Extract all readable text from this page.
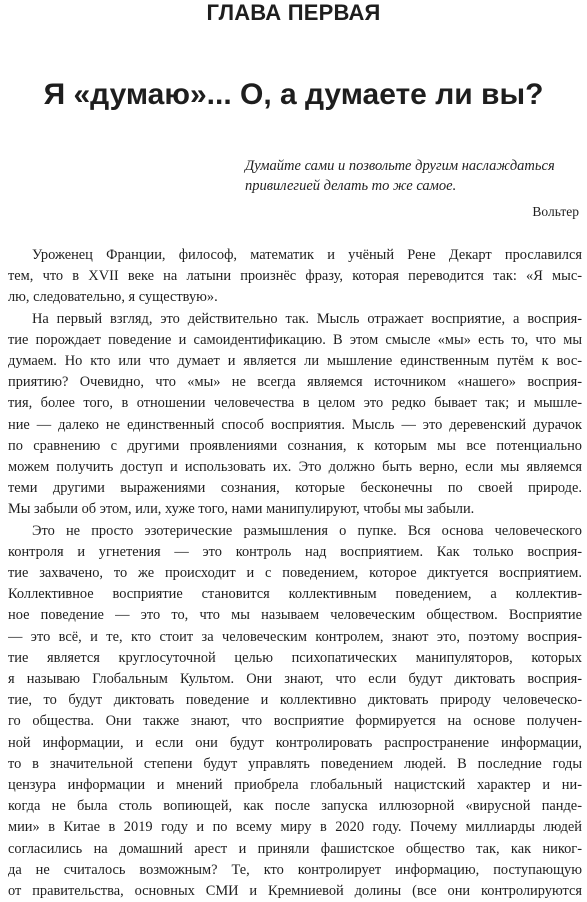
ГЛАВА ПЕРВАЯ
Я «думаю»... О, а думаете ли вы?
Думайте сами и позвольте другим наслаждаться
привилегией делать то же самое.
Вольтер
Уроженец Франции, философ, математик и учёный Рене Декарт прославился
тем, что в XVII веке на латыни произнёс фразу, которая переводится так: «Я мыс-
лю, следовательно, я существую».
На первый взгляд, это действительно так. Мысль отражает восприятие, а восприя-
тие порождает поведение и самоидентификацию. В этом смысле «мы» есть то, что мы
думаем. Но кто или что думает и является ли мышление единственным путём к вос-
приятию? Очевидно, что «мы» не всегда являемся источником «нашего» восприя-
тия, более того, в отношении человечества в целом это редко бывает так; и мышле-
ние — далеко не единственный способ восприятия. Мысль — это деревенский дурачок
по сравнению с другими проявлениями сознания, к которым мы все потенциально
можем получить доступ и использовать их. Это должно быть верно, если мы являемся
теми другими выражениями сознания, которые бесконечны по своей природе.
Мы забыли об этом, или, хуже того, нами манипулируют, чтобы мы забыли.
Это не просто эзотерические размышления о пупке. Вся основа человеческого
контроля и угнетения — это контроль над восприятием. Как только восприя-
тие захвачено, то же происходит и с поведением, которое диктуется восприятием.
Коллективное восприятие становится коллективным поведением, а коллектив-
ное поведение — это то, что мы называем человеческим обществом. Восприятие
— это всё, и те, кто стоит за человеческим контролем, знают это, поэтому восприя-
тие является круглосуточной целью психопатических манипуляторов, которых
я называю Глобальным Культом. Они знают, что если будут диктовать восприя-
тие, то будут диктовать поведение и коллективно диктовать природу человеческо-
го общества. Они также знают, что восприятие формируется на основе получен-
ной информации, и если они будут контролировать распространение информации,
то в значительной степени будут управлять поведением людей. В последние годы
цензура информации и мнений приобрела глобальный нацистский характер и ни-
когда не была столь вопиющей, как после запуска иллюзорной «вирусной панде-
мии» в Китае в 2019 году и по всему миру в 2020 году. Почему миллиарды людей
согласились на домашний арест и приняли фашистское общество так, как никог-
да не считалось возможным? Те, кто контролирует информацию, поступающую
от правительства, основных СМИ и Кремниевой долины (все они контролируются
